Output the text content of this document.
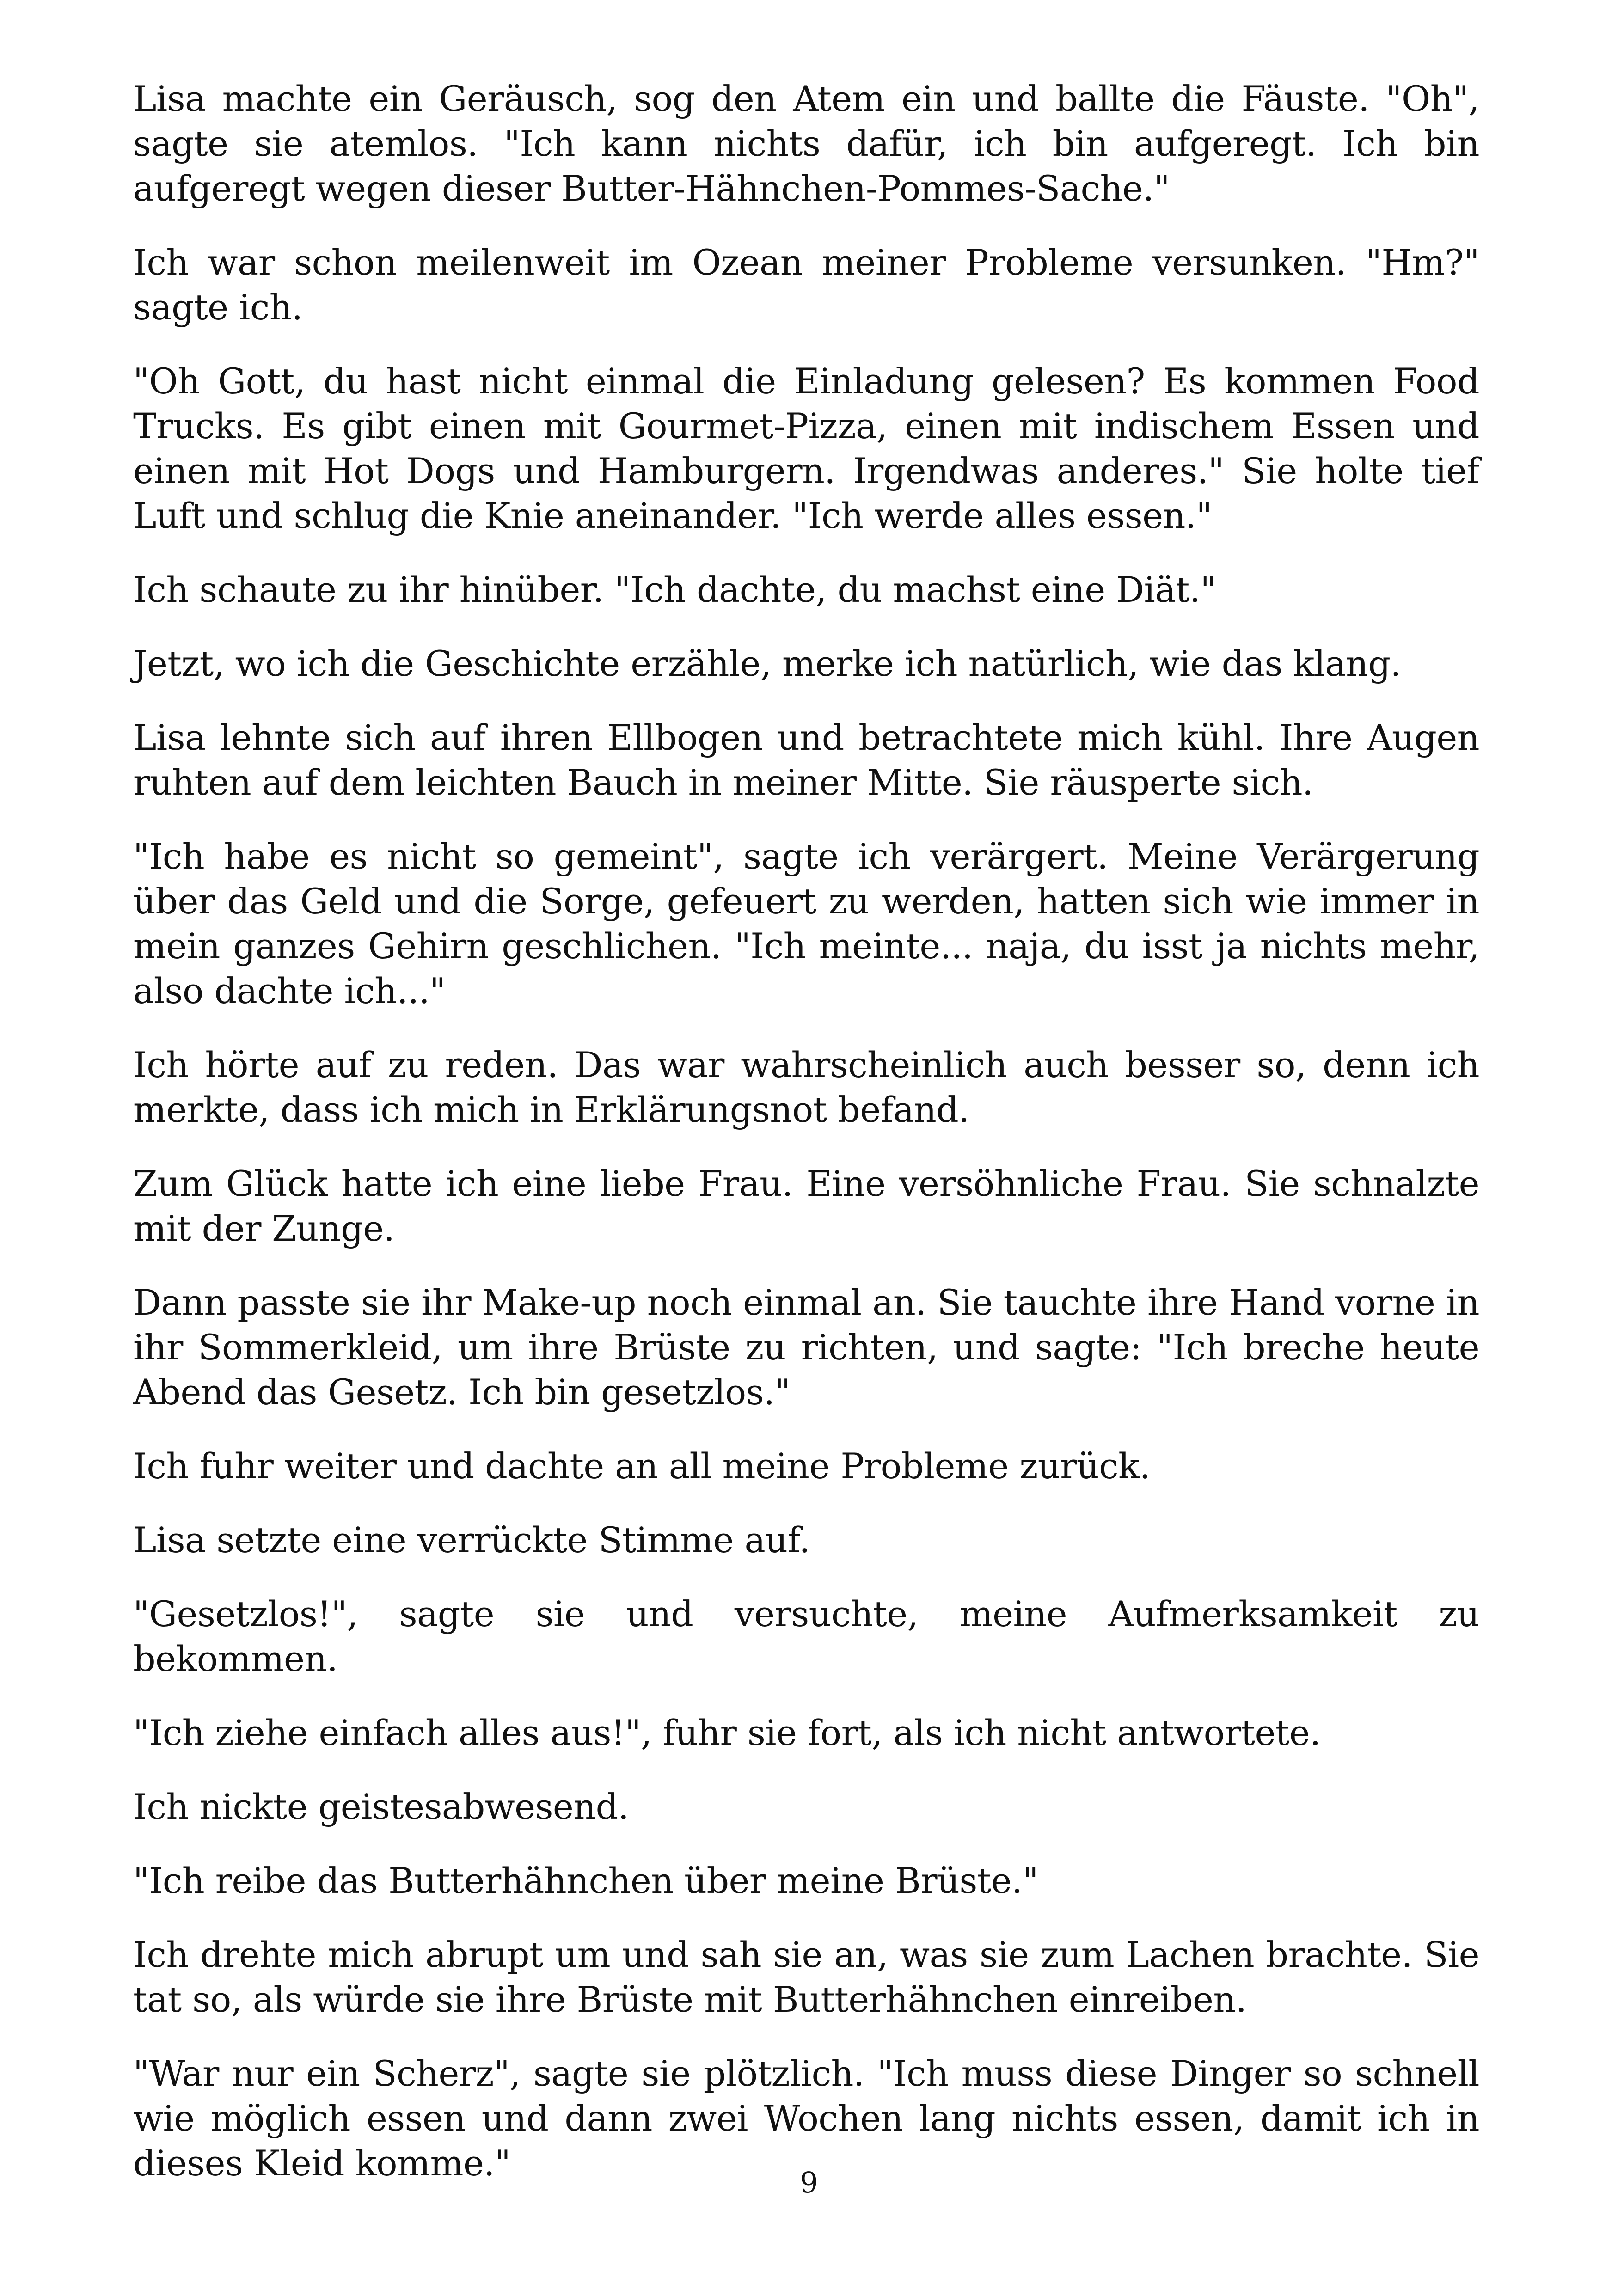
Lisa machte ein Geräusch, sog den Atem ein und ballte die Fäuste. "Oh", sagte sie atemlos. "Ich kann nichts dafür, ich bin aufgeregt. Ich bin aufgeregt wegen dieser Butter-Hähnchen-Pommes-Sache."

Ich war schon meilenweit im Ozean meiner Probleme versunken. "Hm?" sagte ich.

"Oh Gott, du hast nicht einmal die Einladung gelesen? Es kommen Food Trucks. Es gibt einen mit Gourmet-Pizza, einen mit indischem Essen und einen mit Hot Dogs und Hamburgern. Irgendwas anderes." Sie holte tief Luft und schlug die Knie aneinander. "Ich werde alles essen."

Ich schaute zu ihr hinüber. "Ich dachte, du machst eine Diät."

Jetzt, wo ich die Geschichte erzähle, merke ich natürlich, wie das klang.

Lisa lehnte sich auf ihren Ellbogen und betrachtete mich kühl. Ihre Augen ruhten auf dem leichten Bauch in meiner Mitte. Sie räusperte sich.

"Ich habe es nicht so gemeint", sagte ich verärgert. Meine Verärgerung über das Geld und die Sorge, gefeuert zu werden, hatten sich wie immer in mein ganzes Gehirn geschlichen. "Ich meinte... naja, du isst ja nichts mehr, also dachte ich..."

Ich hörte auf zu reden. Das war wahrscheinlich auch besser so, denn ich merkte, dass ich mich in Erklärungsnot befand.

Zum Glück hatte ich eine liebe Frau. Eine versöhnliche Frau. Sie schnalzte mit der Zunge.

Dann passte sie ihr Make-up noch einmal an. Sie tauchte ihre Hand vorne in ihr Sommerkleid, um ihre Brüste zu richten, und sagte: "Ich breche heute Abend das Gesetz. Ich bin gesetzlos."

Ich fuhr weiter und dachte an all meine Probleme zurück.

Lisa setzte eine verrückte Stimme auf.

"Gesetzlos!", sagte sie und versuchte, meine Aufmerksamkeit zu bekommen.

"Ich ziehe einfach alles aus!", fuhr sie fort, als ich nicht antwortete.

Ich nickte geistesabwesend.

"Ich reibe das Butterhähnchen über meine Brüste."

Ich drehte mich abrupt um und sah sie an, was sie zum Lachen brachte. Sie tat so, als würde sie ihre Brüste mit Butterhähnchen einreiben.

"War nur ein Scherz", sagte sie plötzlich. "Ich muss diese Dinger so schnell wie möglich essen und dann zwei Wochen lang nichts essen, damit ich in dieses Kleid komme."	9
